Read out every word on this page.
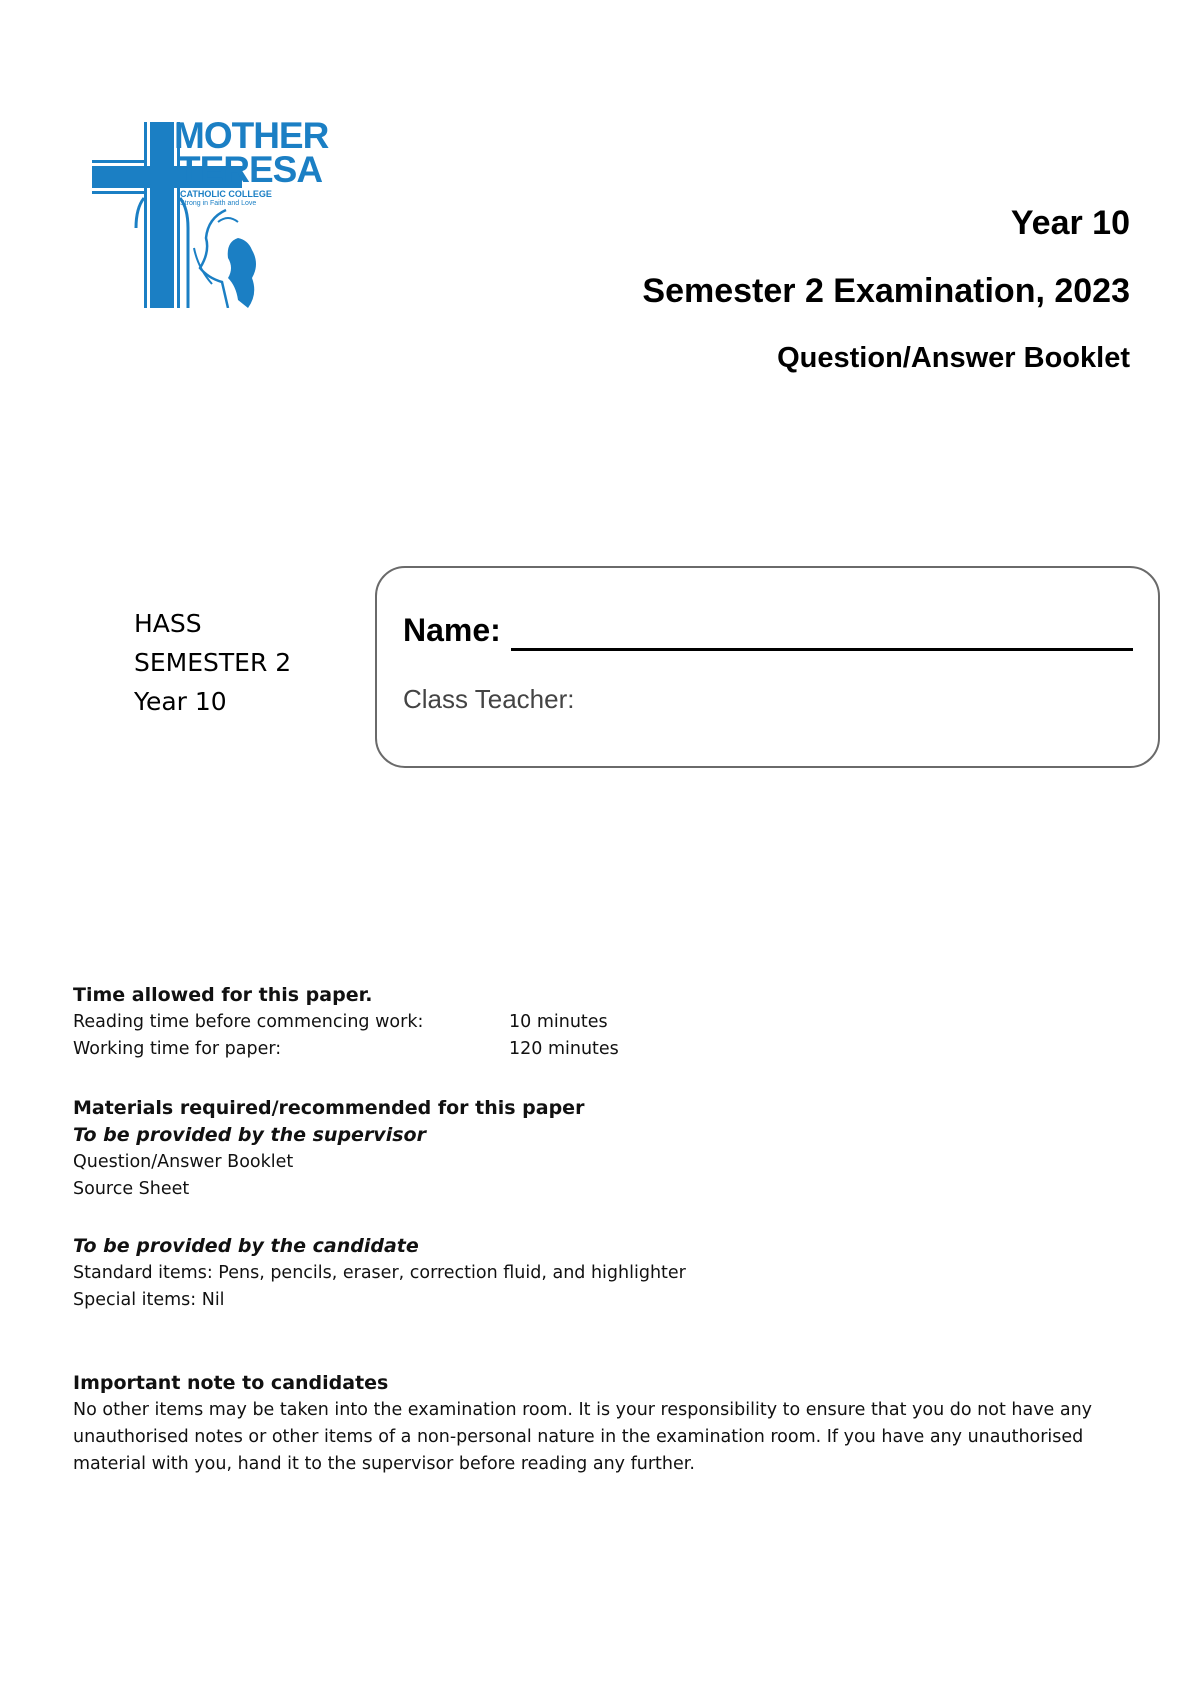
MOTHER
TERESA
CATHOLIC COLLEGE
Strong in Faith and Love
Year 10
Semester 2 Examination, 2023
Question/Answer Booklet
HASS
SEMESTER 2
Year 10
Name:
Class Teacher:
Time allowed for this paper.
Reading time before commencing work:	10 minutes
Working time for paper:	120 minutes
Materials required/recommended for this paper
To be provided by the supervisor
Question/Answer Booklet
Source Sheet
To be provided by the candidate
Standard items: Pens, pencils, eraser, correction fluid, and highlighter
Special items: Nil
Important note to candidates

No other items may be taken into the examination room. It is your responsibility to ensure that you do not have any unauthorised notes or other items of a non-personal nature in the examination room. If you have any unauthorised material with you, hand it to the supervisor before reading any further.
